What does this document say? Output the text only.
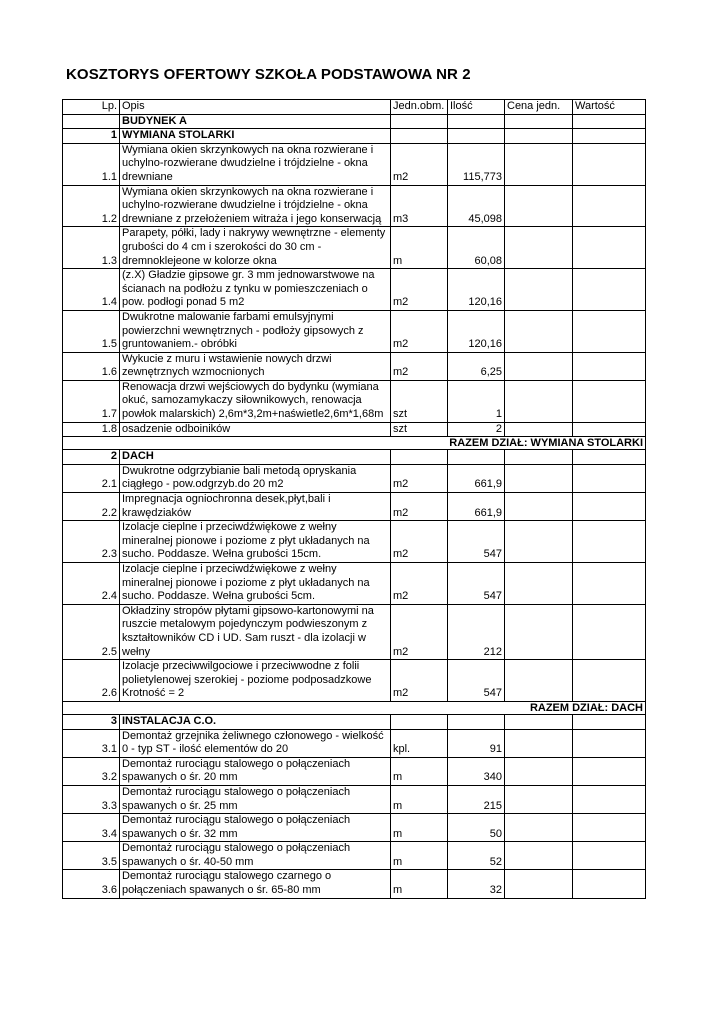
KOSZTORYS OFERTOWY SZKOŁA PODSTAWOWA NR 2
Lp.	Opis	Jedn.obm.	Ilość	Cena jedn.	Wartość
	BUDYNEK A				
1	WYMIANA STOLARKI				
1.1	Wymiana okien skrzynkowych na okna rozwierane i uchylno-rozwierane dwudzielne i trójdzielne - okna drewniane	m2	115,773		
1.2	Wymiana okien skrzynkowych na okna rozwierane i uchylno-rozwierane dwudzielne i trójdzielne - okna drewniane z przełożeniem witraża i jego konserwacją	m3	45,098		
1.3	Parapety, półki, lady i nakrywy wewnętrzne - elementy grubości do 4 cm i szerokości do 30 cm - dremnoklejeone w kolorze okna	m	60,08		
1.4	(z.X) Gładzie gipsowe gr. 3 mm jednowarstwowe na ścianach na podłożu z tynku w pomieszczeniach o pow. podłogi ponad 5 m2	m2	120,16		
1.5	Dwukrotne malowanie farbami emulsyjnymi powierzchni wewnętrznych - podłoży gipsowych z gruntowaniem.- obróbki	m2	120,16		
1.6	Wykucie z muru i wstawienie nowych drzwi zewnętrznych wzmocnionych	m2	6,25		
1.7	Renowacja drzwi wejściowych do bydynku (wymiana okuć, samozamykaczy siłownikowych, renowacja powłok malarskich) 2,6m*3,2m+naświetle2,6m*1,68m	szt	1		
1.8	osadzenie odboiników	szt	2		
RAZEM DZIAŁ: WYMIANA STOLARKI					
2	DACH				
2.1	Dwukrotne odgrzybianie bali metodą opryskania ciągłego - pow.odgrzyb.do 20 m2	m2	661,9		
2.2	Impregnacja ogniochronna desek,płyt,bali i krawędziaków	m2	661,9		
2.3	Izolacje cieplne i przeciwdźwiękowe z wełny mineralnej pionowe i poziome z płyt układanych na sucho. Poddasze. Wełna grubości 15cm.	m2	547		
2.4	Izolacje cieplne i przeciwdźwiękowe z wełny mineralnej pionowe i poziome z płyt układanych na sucho. Poddasze. Wełna grubości 5cm.	m2	547		
2.5	Okładziny stropów płytami gipsowo-kartonowymi na ruszcie metalowym pojedynczym podwieszonym z kształtowników CD i UD. Sam ruszt - dla izolacji w wełny	m2	212		
2.6	Izolacje przeciwwilgociowe i przeciwwodne z folii polietylenowej szerokiej - poziome podposadzkowe Krotność = 2	m2	547		
RAZEM DZIAŁ: DACH					
3	INSTALACJA C.O.				
3.1	Demontaż grzejnika żeliwnego członowego - wielkość 0 - typ ST - ilość elementów do 20	kpl.	91		
3.2	Demontaż rurociągu stalowego o połączeniach spawanych o śr. 20 mm	m	340		
3.3	Demontaż rurociągu stalowego o połączeniach spawanych o śr. 25 mm	m	215		
3.4	Demontaż rurociągu stalowego o połączeniach spawanych o śr. 32 mm	m	50		
3.5	Demontaż rurociągu stalowego o połączeniach spawanych o śr. 40-50 mm	m	52		
3.6	Demontaż rurociągu stalowego czarnego o połączeniach spawanych o śr. 65-80 mm	m	32		
